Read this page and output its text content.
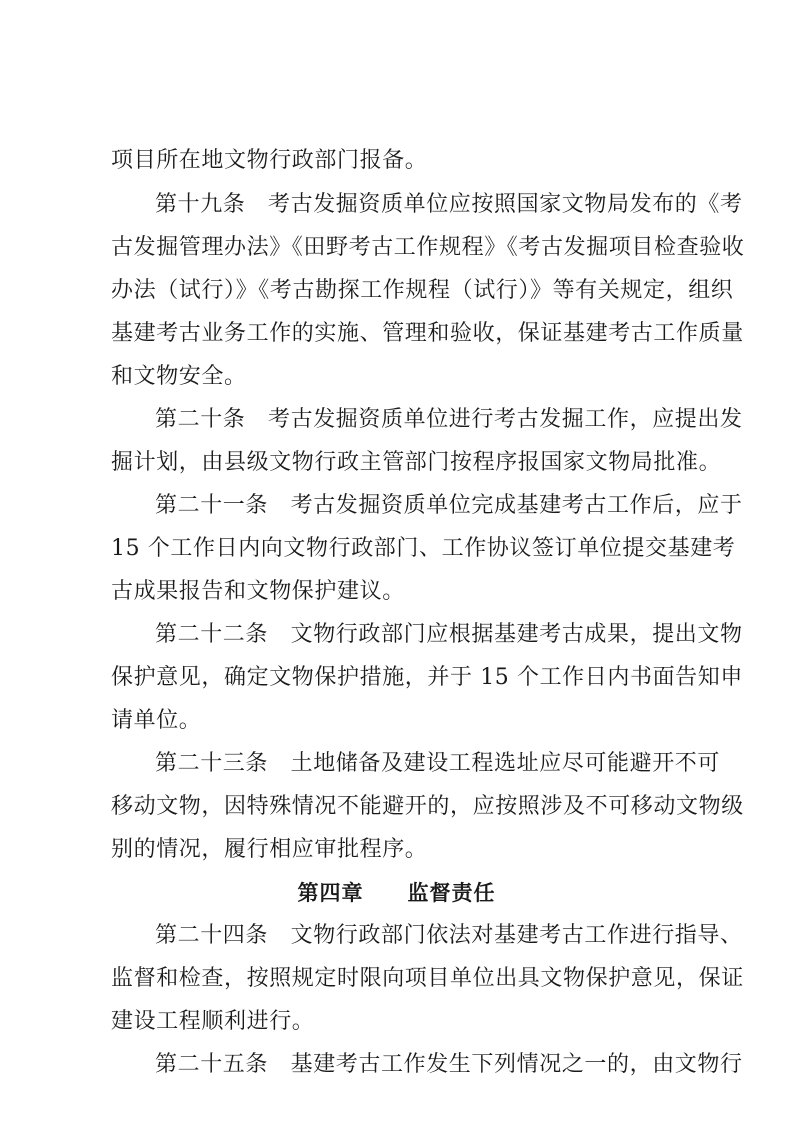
项目所在地文物行政部门报备。
第十九条　考古发掘资质单位应按照国家文物局发布的《考
古发掘管理办法》《田野考古工作规程》《考古发掘项目检查验收
办法（试行）》《考古勘探工作规程（试行）》等有关规定，组织
基建考古业务工作的实施、管理和验收，保证基建考古工作质量
和文物安全。
第二十条　考古发掘资质单位进行考古发掘工作，应提出发
掘计划，由县级文物行政主管部门按程序报国家文物局批准。
第二十一条　考古发掘资质单位完成基建考古工作后，应于
15 个工作日内向文物行政部门、工作协议签订单位提交基建考
古成果报告和文物保护建议。
第二十二条　文物行政部门应根据基建考古成果，提出文物
保护意见，确定文物保护措施，并于 15 个工作日内书面告知申
请单位。
第二十三条　土地储备及建设工程选址应尽可能避开不可
移动文物，因特殊情况不能避开的，应按照涉及不可移动文物级
别的情况，履行相应审批程序。
第四章　　监督责任
第二十四条　文物行政部门依法对基建考古工作进行指导、
监督和检查，按照规定时限向项目单位出具文物保护意见，保证
建设工程顺利进行。
第二十五条　基建考古工作发生下列情况之一的，由文物行
